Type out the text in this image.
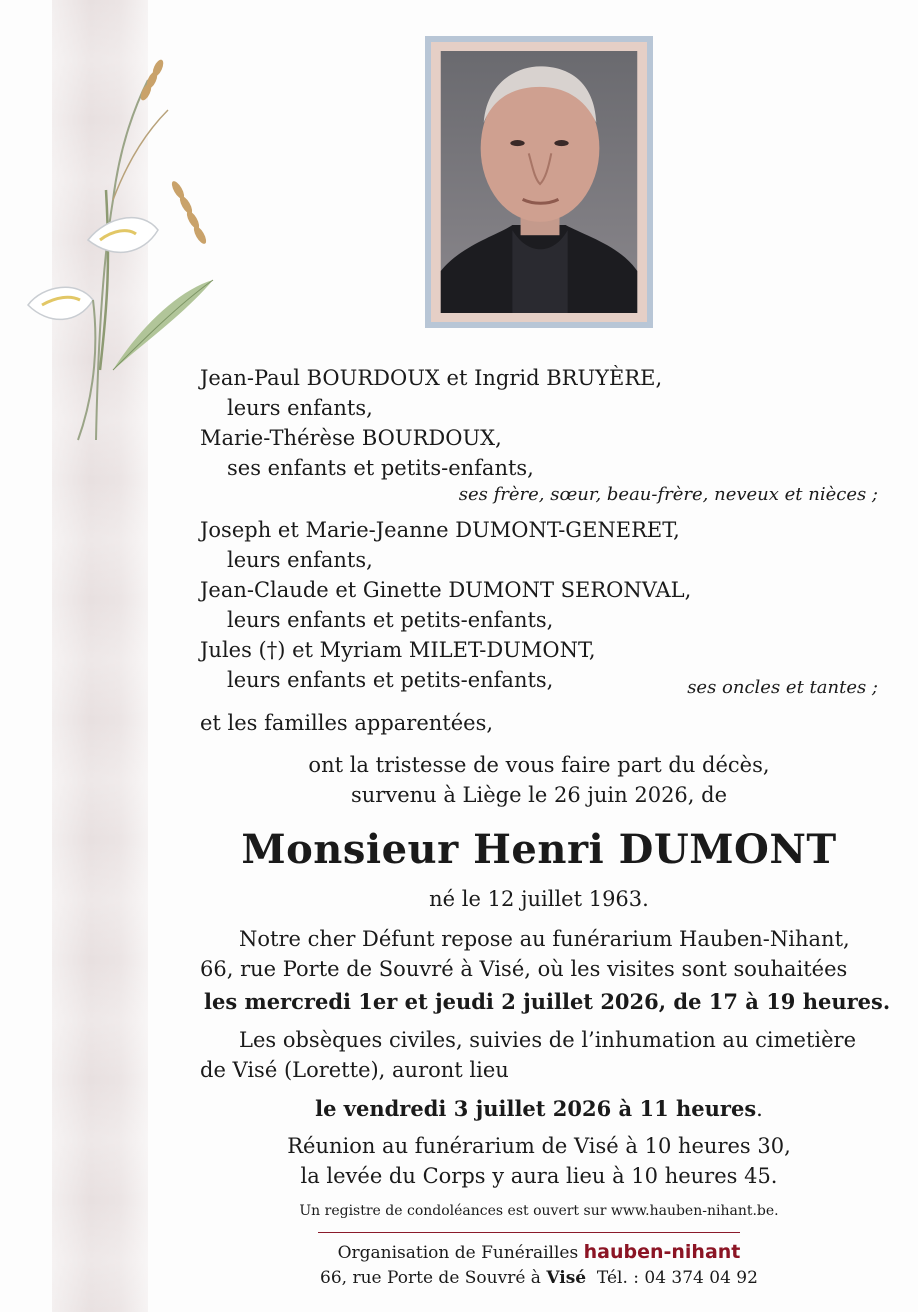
Jean-Paul BOURDOUX et Ingrid BRUYÈRE,
leurs enfants,
Marie-Thérèse BOURDOUX,
ses enfants et petits-enfants,
ses frère, sœur, beau-frère, neveux et nièces ;
Joseph et Marie-Jeanne DUMONT-GENERET,
leurs enfants,
Jean-Claude et Ginette DUMONT SERONVAL,
leurs enfants et petits-enfants,
Jules (†) et Myriam MILET-DUMONT,
leurs enfants et petits-enfants,	ses oncles et tantes ;
et les familles apparentées,
ont la tristesse de vous faire part du décès,
survenu à Liège le 26 juin 2026, de
Monsieur Henri DUMONT
né le 12 juillet 1963.
Notre cher Défunt repose au funérarium Hauben-Nihant,
66, rue Porte de Souvré à Visé, où les visites sont souhaitées
les mercredi 1er et jeudi 2 juillet 2026, de 17 à 19 heures.
Les obsèques civiles, suivies de l’inhumation au cimetière
de Visé (Lorette), auront lieu
le vendredi 3 juillet 2026 à 11 heures.
Réunion au funérarium de Visé à 10 heures 30,
la levée du Corps y aura lieu à 10 heures 45.
Un registre de condoléances est ouvert sur www.hauben-nihant.be.
Organisation de Funérailles hauben-nihant
66, rue Porte de Souvré à Visé Tél. : 04 374 04 92
